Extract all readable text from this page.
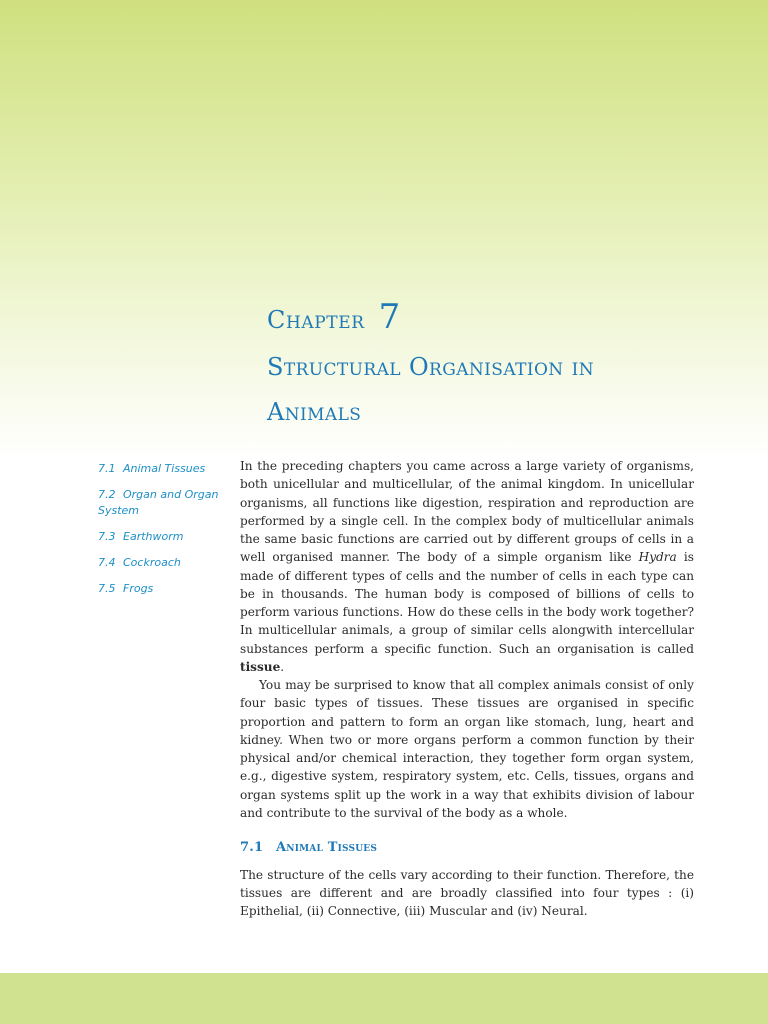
Chapter 7
Structural Organisation in Animals
7.1 Animal Tissues
7.2 Organ and Organ System
7.3 Earthworm
7.4 Cockroach
7.5 Frogs

In the preceding chapters you came across a large variety of organisms, both unicellular and multicellular, of the animal kingdom. In unicellular organisms, all functions like digestion, respiration and reproduction are performed by a single cell. In the complex body of multicellular animals the same basic functions are carried out by different groups of cells in a well organised manner. The body of a simple organism like Hydra is made of different types of cells and the number of cells in each type can be in thousands. The human body is composed of billions of cells to perform various functions. How do these cells in the body work together? In multicellular animals, a group of similar cells alongwith intercellular substances perform a specific function. Such an organisation is called tissue.

You may be surprised to know that all complex animals consist of only four basic types of tissues. These tissues are organised in specific proportion and pattern to form an organ like stomach, lung, heart and kidney. When two or more organs perform a common function by their physical and/or chemical interaction, they together form organ system, e.g., digestive system, respiratory system, etc. Cells, tissues, organs and organ systems split up the work in a way that exhibits division of labour and contribute to the survival of the body as a whole.

7.1 Animal Tissues

The structure of the cells vary according to their function. Therefore, the tissues are different and are broadly classified into four types : (i) Epithelial, (ii) Connective, (iii) Muscular and (iv) Neural.
